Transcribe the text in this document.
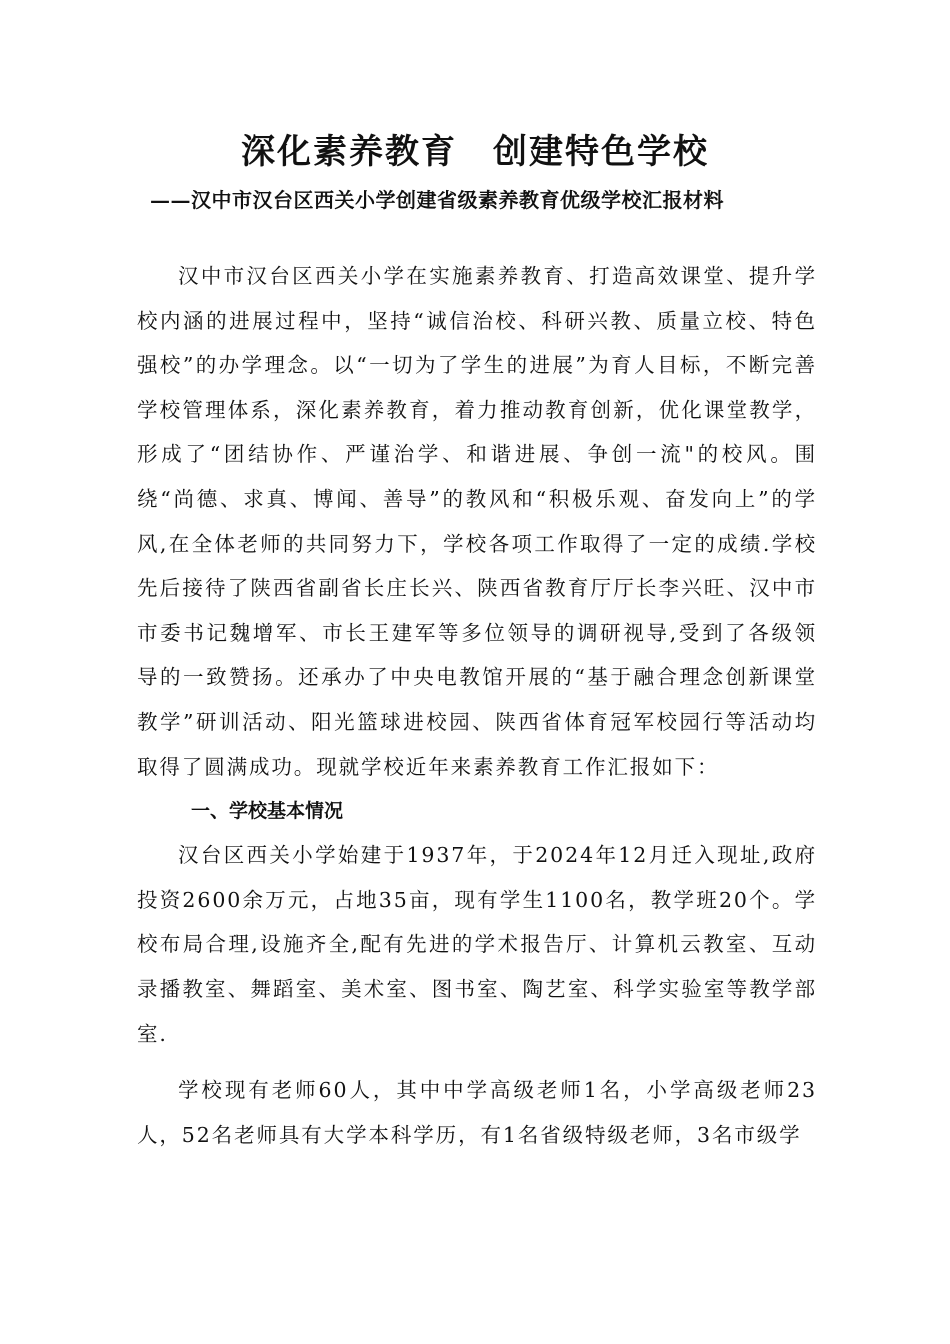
深化素养教育　创建特色学校

——汉中市汉台区西关小学创建省级素养教育优级学校汇报材料

汉中市汉台区西关小学在实施素养教育、打造高效课堂、提升学校内涵的进展过程中，坚持“诚信治校、科研兴教、质量立校、特色强校”的办学理念。以“一切为了学生的进展”为育人目标，不断完善学校管理体系，深化素养教育，着力推动教育创新，优化课堂教学，形成了“团结协作、严谨治学、和谐进展、争创一流"的校风。围绕“尚德、求真、博闻、善导”的教风和“积极乐观、奋发向上”的学风,在全体老师的共同努力下，学校各项工作取得了一定的成绩.学校先后接待了陕西省副省长庄长兴、陕西省教育厅厅长李兴旺、汉中市市委书记魏增军、市长王建军等多位领导的调研视导,受到了各级领导的一致赞扬。还承办了中央电教馆开展的“基于融合理念创新课堂教学”研训活动、阳光篮球进校园、陕西省体育冠军校园行等活动均取得了圆满成功。现就学校近年来素养教育工作汇报如下：

一、学校基本情况

汉台区西关小学始建于1937年，于2024年12月迁入现址,政府投资2600余万元，占地35亩，现有学生1100名，教学班20个。学校布局合理,设施齐全,配有先进的学术报告厅、计算机云教室、互动录播教室、舞蹈室、美术室、图书室、陶艺室、科学实验室等教学部室.

学校现有老师60人，其中中学高级老师1名，小学高级老师23人，52名老师具有大学本科学历，有1名省级特级老师，3名市级学
